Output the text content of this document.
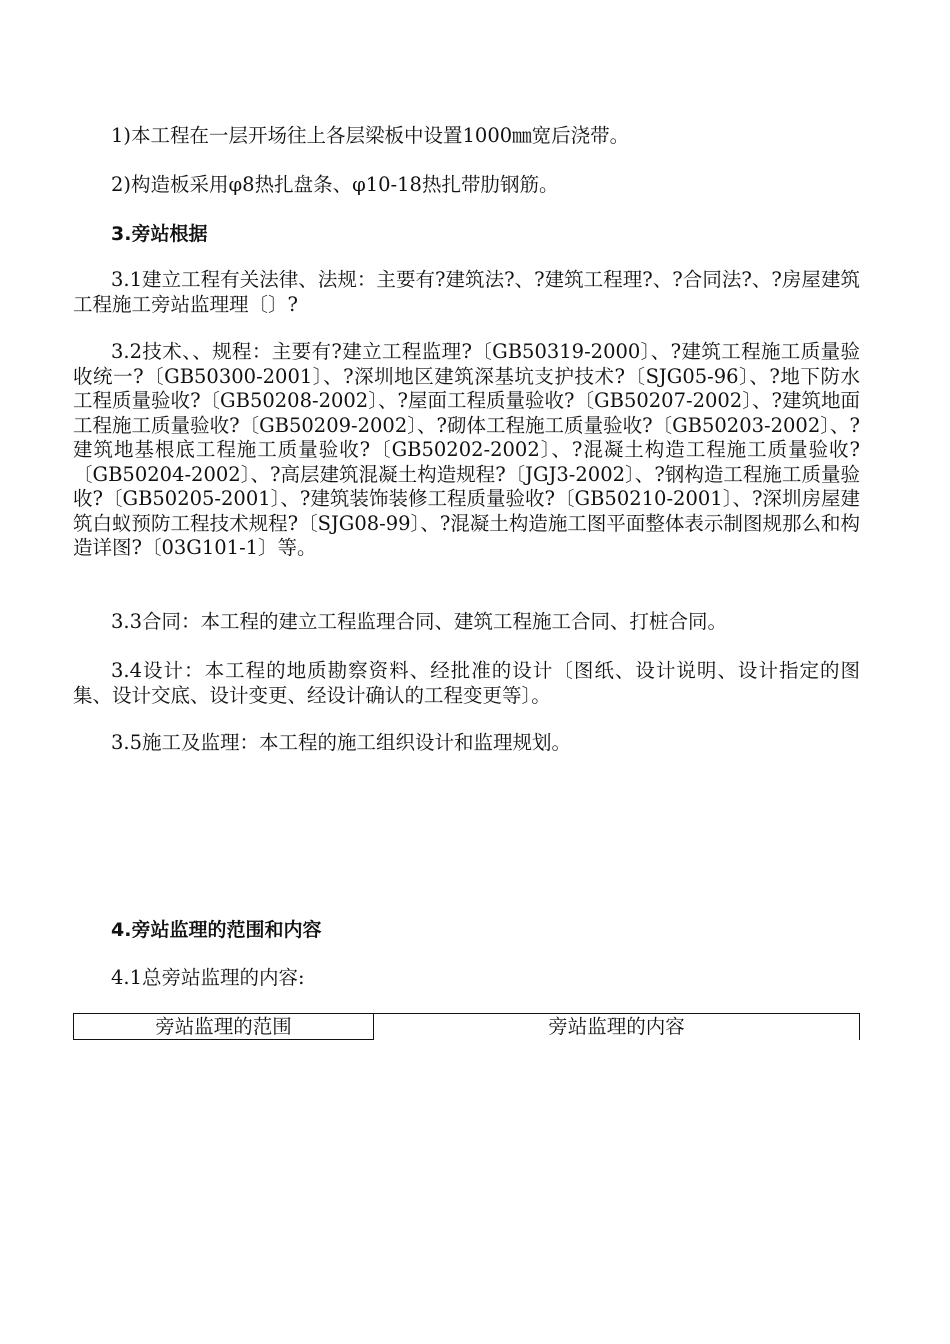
1)本工程在一层开场往上各层梁板中设置1000㎜宽后浇带。

2)构造板采用φ8热扎盘条、φ10-18热扎带肋钢筋。

3.旁站根据

3.1建立工程有关法律、法规：主要有?建筑法?、?建筑工程理?、?合同法?、?房屋建筑工程施工旁站监理理〔〕?

3.2技术、、规程：主要有?建立工程监理?〔GB50319-2000〕、?建筑工程施工质量验收统一?〔GB50300-2001〕、?深圳地区建筑深基坑支护技术?〔SJG05-96〕、?地下防水工程质量验收?〔GB50208-2002〕、?屋面工程质量验收?〔GB50207-2002〕、?建筑地面工程施工质量验收?〔GB50209-2002〕、?砌体工程施工质量验收?〔GB50203-2002〕、?建筑地基根底工程施工质量验收?〔GB50202-2002〕、?混凝土构造工程施工质量验收?〔GB50204-2002〕、?高层建筑混凝土构造规程?〔JGJ3-2002〕、?钢构造工程施工质量验收?〔GB50205-2001〕、?建筑装饰装修工程质量验收?〔GB50210-2001〕、?深圳房屋建筑白蚁预防工程技术规程?〔SJG08-99〕、?混凝土构造施工图平面整体表示制图规那么和构造详图?〔03G101-1〕等。

3.3合同：本工程的建立工程监理合同、建筑工程施工合同、打桩合同。

3.4设计：本工程的地质勘察资料、经批准的设计〔图纸、设计说明、设计指定的图集、设计交底、设计变更、经设计确认的工程变更等〕。

3.5施工及监理：本工程的施工组织设计和监理规划。

4.旁站监理的范围和内容

4.1总旁站监理的内容:

旁站监理的范围	旁站监理的内容
